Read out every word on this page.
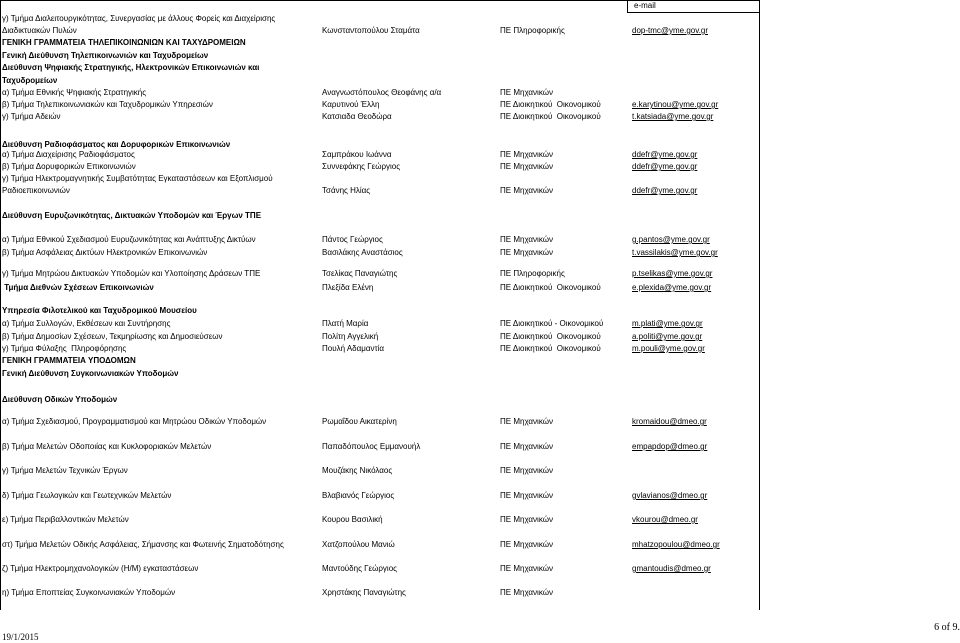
e-mail
γ) Τμήμα Διαλειτουργικότητας, Συνεργασίας με άλλους Φορείς και Διαχείρισης
Διαδικτυακών Πυλών	Κωνσταντοπούλου Σταμάτα	ΠΕ Πληροφορικής	dop-tmc@yme.gov.gr
ΓΕΝΙΚΗ ΓΡΑΜΜΑΤΕΙΑ ΤΗΛΕΠΙΚΟΙΝΩΝΙΩΝ ΚΑΙ ΤΑΧΥΔΡΟΜΕΙΩΝ
Γενική Διεύθυνση Τηλεπικοινωνιών και Ταχυδρομείων
Διεύθυνση Ψηφιακής Στρατηγικής, Ηλεκτρονικών Επικοινωνιών και
Ταχυδρομείων
α) Τμήμα Εθνικής Ψηφιακής Στρατηγικής	Αναγνωστόπουλος Θεοφάνης α/α	ΠΕ Μηχανικών
β) Τμήμα Τηλεπικοινωνιακών και Ταχυδρομικών Υπηρεσιών	Καρυτινού Έλλη	ΠΕ Διοικητικού  Οικονομικού	e.karytinou@yme.gov.gr
γ) Τμήμα Αδειών	Κατσιαδα Θεοδώρα	ΠΕ Διοικητικού  Οικονομικού	t.katsiada@yme.gov.gr
Διεύθυνση Ραδιοφάσματος και Δορυφορικών Επικοινωνιών
α) Τμήμα Διαχείρισης Ραδιοφάσματος	Σαμπράκου Ιωάννα	ΠΕ Μηχανικών	ddefr@yme.gov.gr
β) Τμήμα Δορυφορικών Επικοινωνιών	Συννεφάκης Γεώργιος	ΠΕ Μηχανικών	ddefr@yme.gov.gr
γ) Τμήμα Ηλεκτρομαγνητικής Συμβατότητας Εγκαταστάσεων και Εξοπλισμού
Ραδιοεπικοινωνιών	Τσάνης Ηλίας	ΠΕ Μηχανικών	ddefr@yme.gov.gr
Διεύθυνση Ευρυζωνικότητας, Δικτυακών Υποδομών και Έργων ΤΠΕ
α) Τμήμα Εθνικού Σχεδιασμού Ευρυζωνικότητας και Ανάπτυξης Δικτύων	Πάντος Γεώργιος	ΠΕ Μηχανικών	g.pantos@yme.gov.gr
β) Τμήμα Ασφάλειας Δικτύων Ηλεκτρονικών Επικοινωνιών	Βασιλάκης Αναστάσιος	ΠΕ Μηχανικών	t.vassilakis@yme.gov.gr
γ) Τμήμα Μητρώου Δικτυακών Υποδομών και Υλοποίησης Δράσεων ΤΠΕ	Τσελίκας Παναγιώτης	ΠΕ Πληροφορικής	p.tselikas@yme.gov.gr
Τμήμα Διεθνών Σχέσεων Επικοινωνιών	Πλεξίδα Ελένη	ΠΕ Διοικητικού  Οικονομικού	e.plexida@yme.gov.gr
Υπηρεσία Φιλοτελικού και Ταχυδρομικού Μουσείου
α) Τμήμα Συλλογών, Εκθέσεων και Συντήρησης	Πλατή Μαρία	ΠΕ Διοικητικού - Οικονομικού	m.plati@yme.gov.gr
β) Τμήμα Δημοσίων Σχέσεων, Τεκμηρίωσης και Δημοσιεύσεων	Πολίτη Αγγελική	ΠΕ Διοικητικού  Οικονομικού	a.politi@yme.gov.gr
γ) Τμήμα Φύλαξης  Πληροφόρησης	Πουλή Αδαμαντία	ΠΕ Διοικητικού  Οικονομικού	m.pouli@yme.gov.gr
ΓΕΝΙΚΗ ΓΡΑΜΜΑΤΕΙΑ ΥΠΟΔΟΜΩΝ
Γενική Διεύθυνση Συγκοινωνιακών Υποδομών
Διεύθυνση Οδικών Υποδομών
α) Τμήμα Σχεδιασμού, Προγραμματισμού και Μητρώου Οδικών Υποδομών	Ρωμαΐδου Αικατερίνη	ΠΕ Μηχανικών	kromaidou@dmeo.gr
β) Τμήμα Μελετών Οδοποιίας και Κυκλοφοριακών Μελετών	Παπαδόπουλος Εμμανουήλ	ΠΕ Μηχανικών	empapdop@dmeo.gr
γ) Τμήμα Μελετών Τεχνικών Έργων	Μουζάκης Νικόλαος	ΠΕ Μηχανικών
δ) Τμήμα Γεωλογικών και Γεωτεχνικών Μελετών	Βλαβιανός Γεώργιος	ΠΕ Μηχανικών	gvlavianos@dmeo.gr
ε) Τμήμα Περιβαλλοντικών Μελετών	Κουρου Βασιλική	ΠΕ Μηχανικών	vkourou@dmeo.gr
στ) Τμήμα Μελετών Οδικής Ασφάλειας, Σήμανσης και Φωτεινής Σηματοδότησης	Χατζοπούλου Μανιώ	ΠΕ Μηχανικών	mhatzopoulou@dmeo.gr
ζ) Τμήμα Ηλεκτρομηχανολογικών (Η/Μ) εγκαταστάσεων	Μαντούδης Γεώργιος	ΠΕ Μηχανικών	gmantoudis@dmeo.gr
η) Τμήμα Εποπτείας Συγκοινωνιακών Υποδομών	Χρηστάκης Παναγιώτης	ΠΕ Μηχανικών
19/1/2015
6 of 9.
